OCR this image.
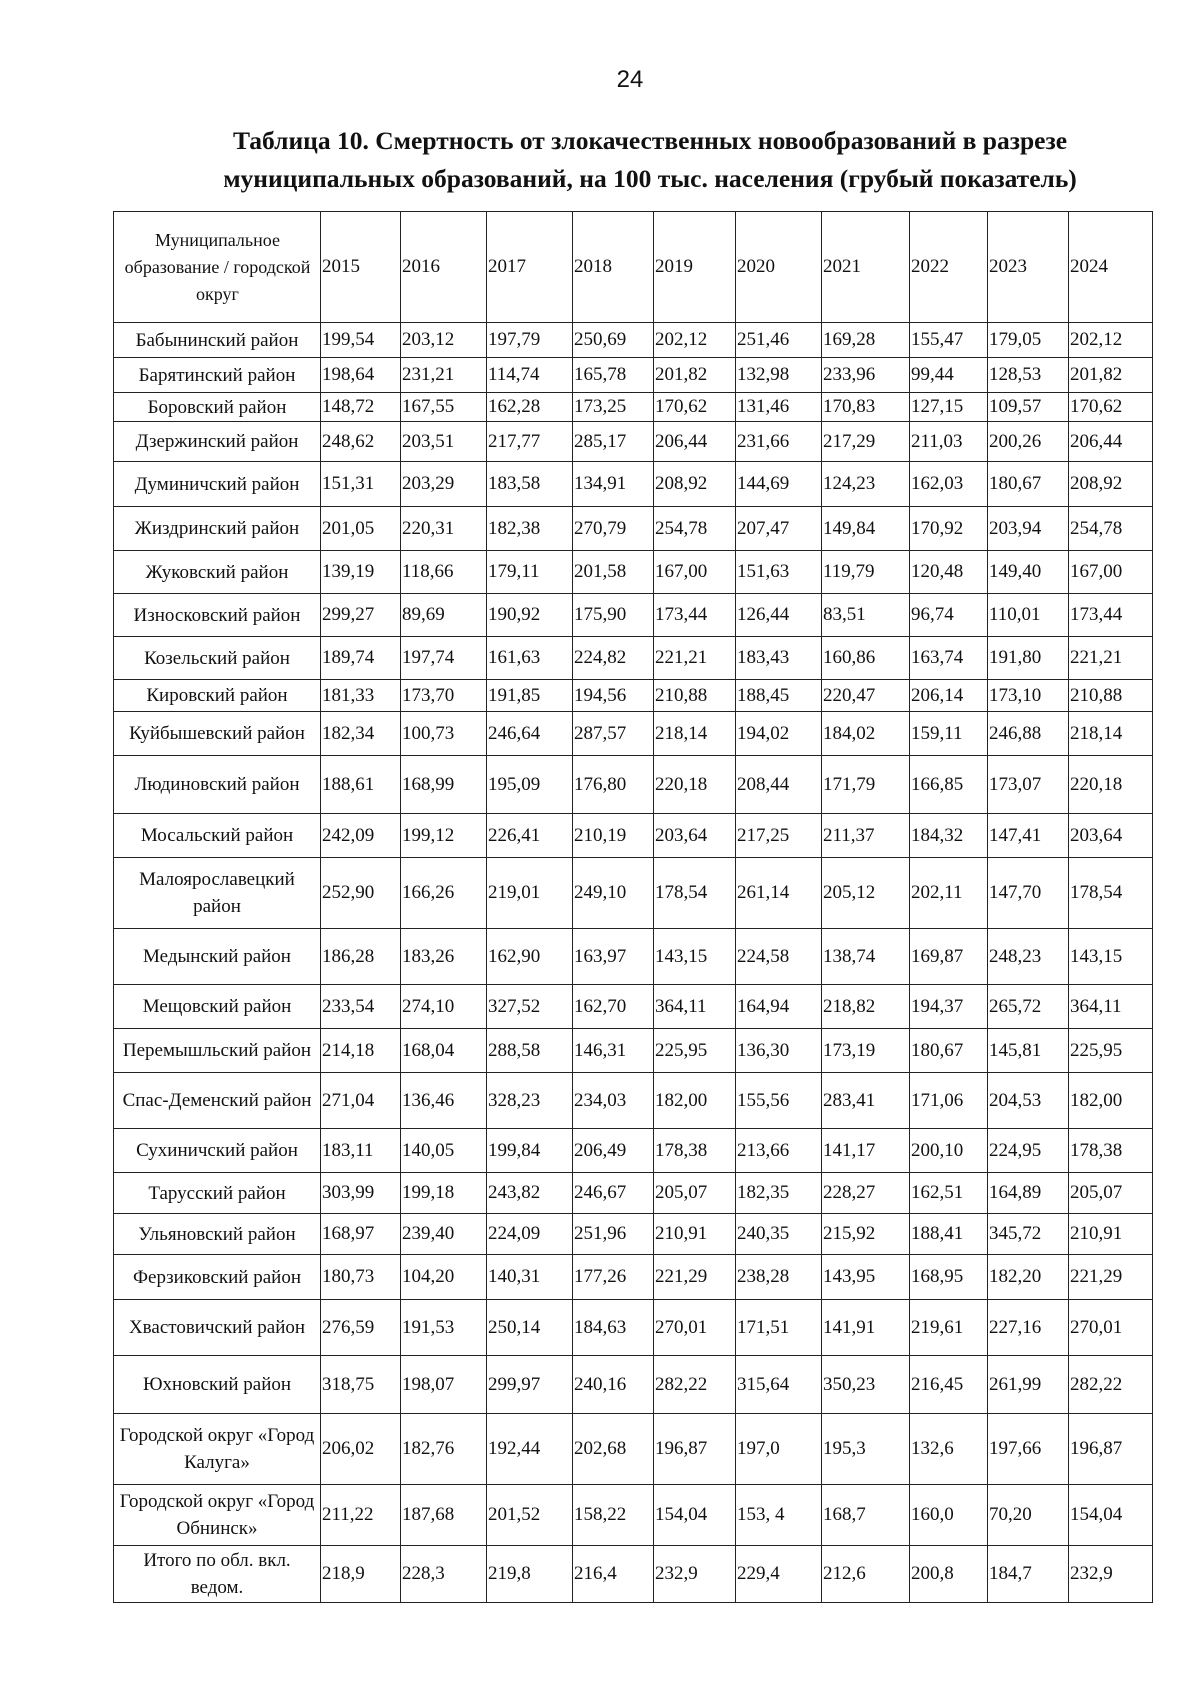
24
Таблица 10. Смертность от злокачественных новообразований в разрезе
муниципальных образований, на 100 тыс. населения (грубый показатель)
Муниципальное образование / городской округ	2015	2016	2017	2018	2019	2020	2021	2022	2023	2024
Бабынинский район	199,54	203,12	197,79	250,69	202,12	251,46	169,28	155,47	179,05	202,12
Барятинский район	198,64	231,21	114,74	165,78	201,82	132,98	233,96	99,44	128,53	201,82
Боровский район	148,72	167,55	162,28	173,25	170,62	131,46	170,83	127,15	109,57	170,62
Дзержинский район	248,62	203,51	217,77	285,17	206,44	231,66	217,29	211,03	200,26	206,44
Думиничский район	151,31	203,29	183,58	134,91	208,92	144,69	124,23	162,03	180,67	208,92
Жиздринский район	201,05	220,31	182,38	270,79	254,78	207,47	149,84	170,92	203,94	254,78
Жуковский район	139,19	118,66	179,11	201,58	167,00	151,63	119,79	120,48	149,40	167,00
Износковский район	299,27	89,69	190,92	175,90	173,44	126,44	83,51	96,74	110,01	173,44
Козельский район	189,74	197,74	161,63	224,82	221,21	183,43	160,86	163,74	191,80	221,21
Кировский район	181,33	173,70	191,85	194,56	210,88	188,45	220,47	206,14	173,10	210,88
Куйбышевский район	182,34	100,73	246,64	287,57	218,14	194,02	184,02	159,11	246,88	218,14
Людиновский район	188,61	168,99	195,09	176,80	220,18	208,44	171,79	166,85	173,07	220,18
Мосальский район	242,09	199,12	226,41	210,19	203,64	217,25	211,37	184,32	147,41	203,64
Малоярославецкий район	252,90	166,26	219,01	249,10	178,54	261,14	205,12	202,11	147,70	178,54
Медынский район	186,28	183,26	162,90	163,97	143,15	224,58	138,74	169,87	248,23	143,15
Мещовский район	233,54	274,10	327,52	162,70	364,11	164,94	218,82	194,37	265,72	364,11
Перемышльский район	214,18	168,04	288,58	146,31	225,95	136,30	173,19	180,67	145,81	225,95
Спас-Деменский район	271,04	136,46	328,23	234,03	182,00	155,56	283,41	171,06	204,53	182,00
Сухиничский район	183,11	140,05	199,84	206,49	178,38	213,66	141,17	200,10	224,95	178,38
Тарусский район	303,99	199,18	243,82	246,67	205,07	182,35	228,27	162,51	164,89	205,07
Ульяновский район	168,97	239,40	224,09	251,96	210,91	240,35	215,92	188,41	345,72	210,91
Ферзиковский район	180,73	104,20	140,31	177,26	221,29	238,28	143,95	168,95	182,20	221,29
Хвастовичский район	276,59	191,53	250,14	184,63	270,01	171,51	141,91	219,61	227,16	270,01
Юхновский район	318,75	198,07	299,97	240,16	282,22	315,64	350,23	216,45	261,99	282,22
Городской округ «Город Калуга»	206,02	182,76	192,44	202,68	196,87	197,0	195,3	132,6	197,66	196,87
Городской округ «Город Обнинск»	211,22	187,68	201,52	158,22	154,04	153, 4	168,7	160,0	70,20	154,04
Итого по обл. вкл. ведом.	218,9	228,3	219,8	216,4	232,9	229,4	212,6	200,8	184,7	232,9
